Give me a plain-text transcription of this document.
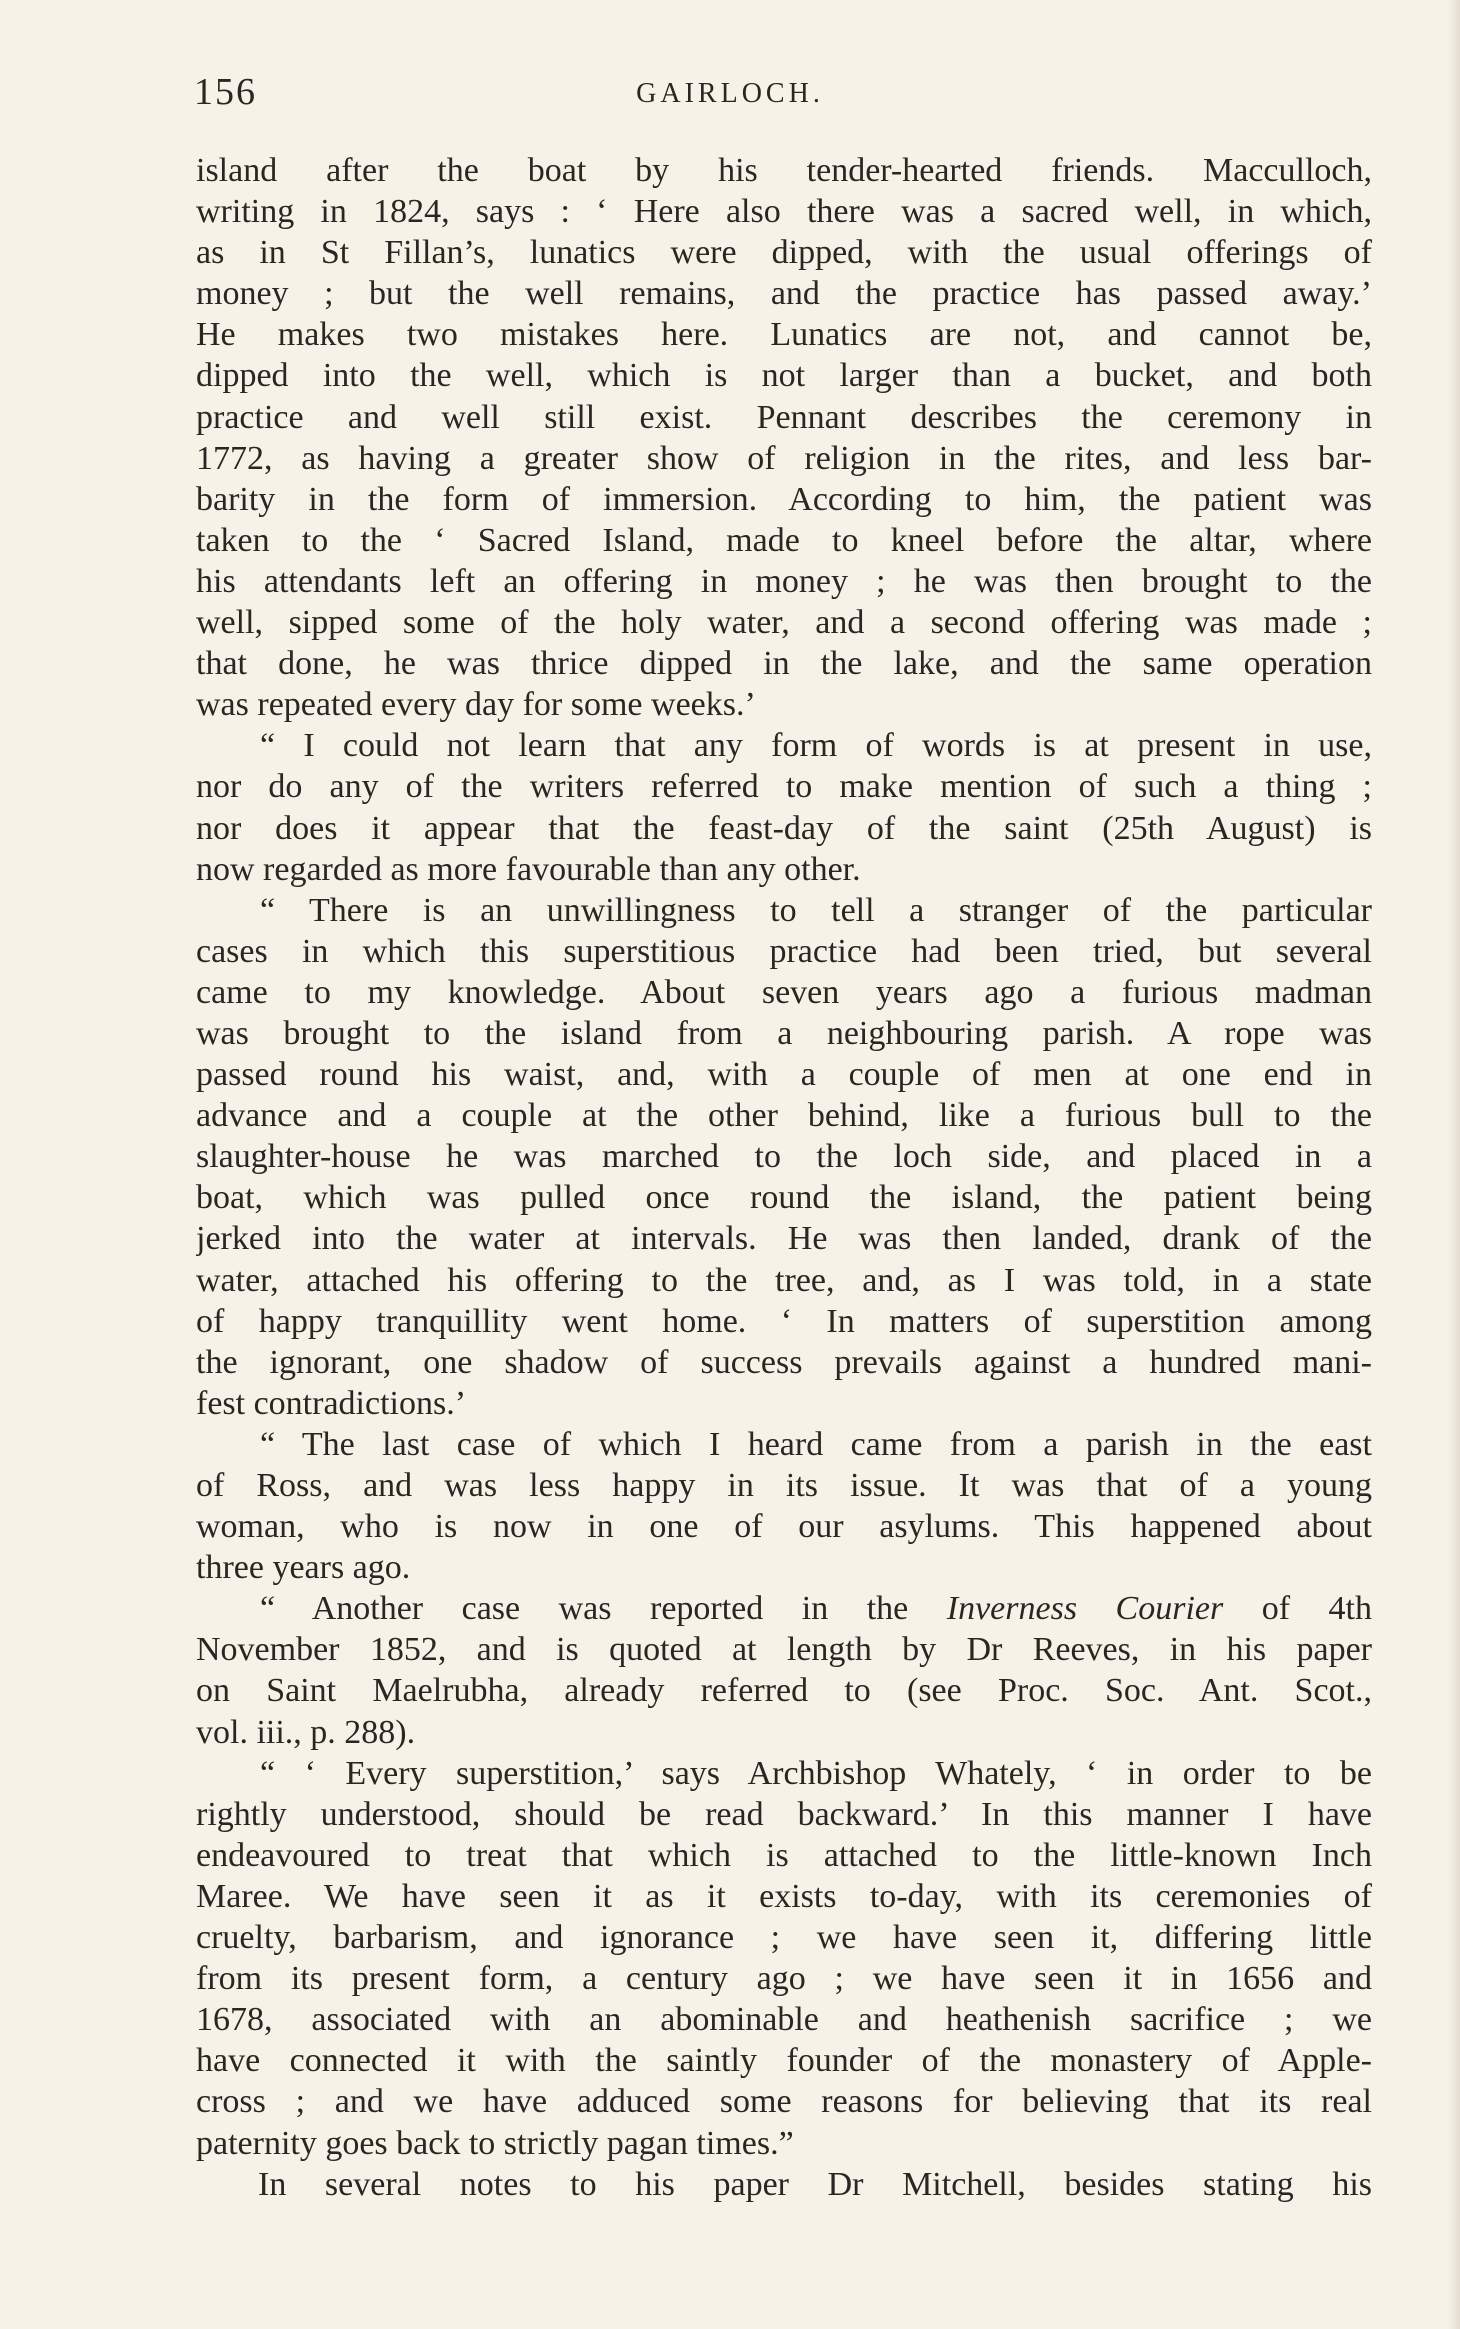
156	GAIRLOCH.
island after the boat by his tender-hearted friends. Macculloch,
writing in 1824, says : ‘ Here also there was a sacred well, in which,
as in St Fillan’s, lunatics were dipped, with the usual offerings of
money ; but the well remains, and the practice has passed away.’
He makes two mistakes here. Lunatics are not, and cannot be,
dipped into the well, which is not larger than a bucket, and both
practice and well still exist. Pennant describes the ceremony in
1772, as having a greater show of religion in the rites, and less bar-
barity in the form of immersion. According to him, the patient was
taken to the ‘ Sacred Island, made to kneel before the altar, where
his attendants left an offering in money ; he was then brought to the
well, sipped some of the holy water, and a second offering was made ;
that done, he was thrice dipped in the lake, and the same operation
was repeated every day for some weeks.’
“ I could not learn that any form of words is at present in use,
nor do any of the writers referred to make mention of such a thing ;
nor does it appear that the feast-day of the saint (25th August) is
now regarded as more favourable than any other.
“ There is an unwillingness to tell a stranger of the particular
cases in which this superstitious practice had been tried, but several
came to my knowledge. About seven years ago a furious madman
was brought to the island from a neighbouring parish. A rope was
passed round his waist, and, with a couple of men at one end in
advance and a couple at the other behind, like a furious bull to the
slaughter-house he was marched to the loch side, and placed in a
boat, which was pulled once round the island, the patient being
jerked into the water at intervals. He was then landed, drank of the
water, attached his offering to the tree, and, as I was told, in a state
of happy tranquillity went home. ‘ In matters of superstition among
the ignorant, one shadow of success prevails against a hundred mani-
fest contradictions.’
“ The last case of which I heard came from a parish in the east
of Ross, and was less happy in its issue. It was that of a young
woman, who is now in one of our asylums. This happened about
three years ago.
“ Another case was reported in the Inverness Courier of 4th
November 1852, and is quoted at length by Dr Reeves, in his paper
on Saint Maelrubha, already referred to (see Proc. Soc. Ant. Scot.,
vol. iii., p. 288).
“ ‘ Every superstition,’ says Archbishop Whately, ‘ in order to be
rightly understood, should be read backward.’ In this manner I have
endeavoured to treat that which is attached to the little-known Inch
Maree. We have seen it as it exists to-day, with its ceremonies of
cruelty, barbarism, and ignorance ; we have seen it, differing little
from its present form, a century ago ; we have seen it in 1656 and
1678, associated with an abominable and heathenish sacrifice ; we
have connected it with the saintly founder of the monastery of Apple-
cross ; and we have adduced some reasons for believing that its real
paternity goes back to strictly pagan times.”
In several notes to his paper Dr Mitchell, besides stating his
